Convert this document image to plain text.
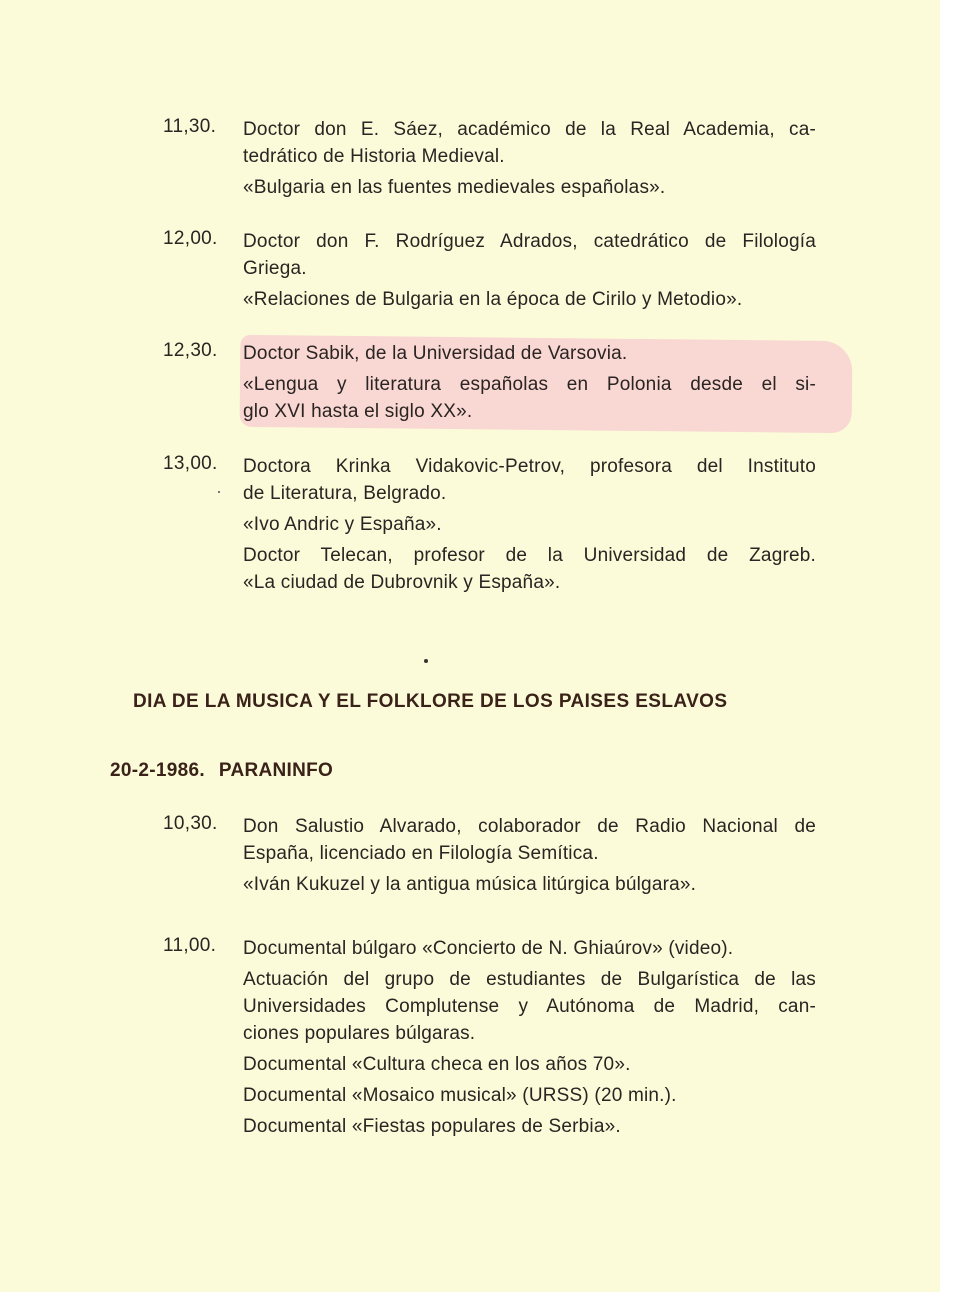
11,30.	Doctor don E. Sáez, académico de la Real Academia, ca-
tedrático de Historia Medieval.
«Bulgaria en las fuentes medievales españolas».
12,00.	Doctor don F. Rodríguez Adrados, catedrático de Filología
Griega.
«Relaciones de Bulgaria en la época de Cirilo y Metodio».
12,30.	Doctor Sabik, de la Universidad de Varsovia.
«Lengua y literatura españolas en Polonia desde el si-
glo XVI hasta el siglo XX».
13,00.	Doctora Krinka Vidakovic-Petrov, profesora del Instituto
de Literatura, Belgrado.
«Ivo Andric y España».
Doctor Telecan, profesor de la Universidad de Zagreb.
«La ciudad de Dubrovnik y España».
DIA DE LA MUSICA Y EL FOLKLORE DE LOS PAISES ESLAVOS
20-2-1986. PARANINFO
10,30.	Don Salustio Alvarado, colaborador de Radio Nacional de
España, licenciado en Filología Semítica.
«Iván Kukuzel y la antigua música litúrgica búlgara».
11,00.	Documental búlgaro «Concierto de N. Ghiaúrov» (video).
Actuación del grupo de estudiantes de Bulgarística de las
Universidades Complutense y Autónoma de Madrid, can-
ciones populares búlgaras.
Documental «Cultura checa en los años 70».
Documental «Mosaico musical» (URSS) (20 min.).
Documental «Fiestas populares de Serbia».
